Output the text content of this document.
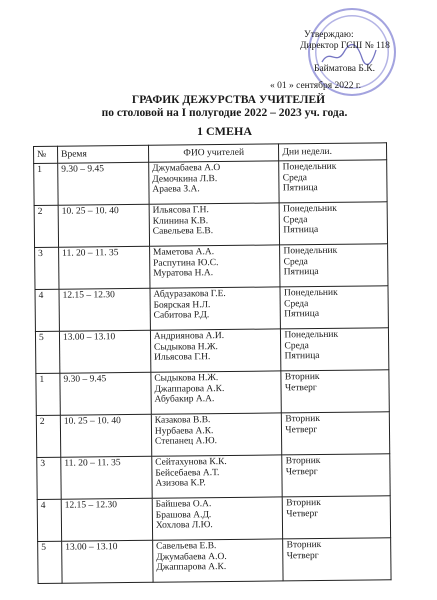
Утверждаю:
Директор ГСШ № 118
Байматова Б.К.
« 01 » сентября 2022 г.
ГРАФИК ДЕЖУРСТВА УЧИТЕЛЕЙ
по столовой на I полугодие 2022 – 2023 уч. года.
1 СМЕНА
№	Время	ФИО учителей	Дни недели.
1	9.30 – 9.45	Джумабаева А.О
Демочкина Л.В.
Араева З.А.	Понедельник
Среда
Пятница

2	10. 25 – 10. 40	Ильясова Г.Н.
Клинина К.В.
Савельева Е.В.	Понедельник
Среда
Пятница

3	11. 20 – 11. 35	Маметова А.А.
Распутина Ю.С.
Муратова Н.А.	Понедельник
Среда
Пятница

4	12.15 – 12.30	Абдуразакова Г.Е.
Боярская Н.Л.
Сабитова Р.Д.	Понедельник
Среда
Пятница

5	13.00 – 13.10	Андриянова А.И.
Сыдыкова Н.Ж.
Ильясова Г.Н.	Понедельник
Среда
Пятница

1	9.30 – 9.45	Сыдыкова Н.Ж.
Джаппарова А.К.
Абубакир А.А.	Вторник
Четверг

2	10. 25 – 10. 40	Казакова В.В.
Нурбаева А.К.
Степанец А.Ю.	Вторник
Четверг

3	11. 20 – 11. 35	Сейтахунова К.К.
Бейсебаева А.Т.
Азизова К.Р.	Вторник
Четверг

4	12.15 – 12.30	Байшева О.А.
Брашова А.Д.
Хохлова Л.Ю.	Вторник
Четверг

5	13.00 – 13.10	Савельева Е.В.
Джумабаева А.О.
Джаппарова А.К.	Вторник
Четверг
